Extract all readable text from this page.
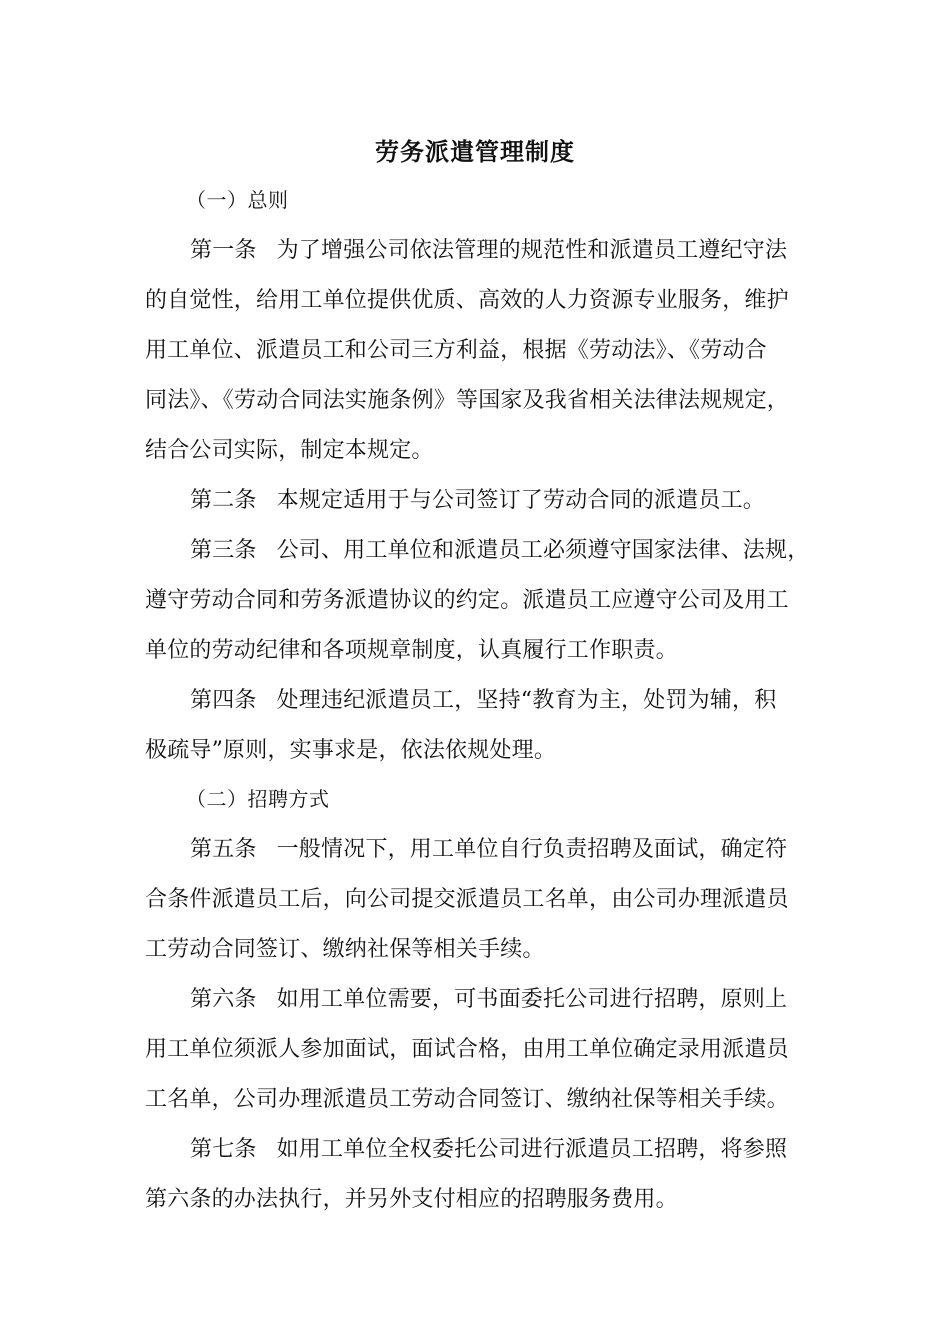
劳务派遣管理制度
（一）总则
第一条 为了增强公司依法管理的规范性和派遣员工遵纪守法
的自觉性，给用工单位提供优质、高效的人力资源专业服务，维护
用工单位、派遣员工和公司三方利益，根据《劳动法》、《劳动合
同法》、《劳动合同法实施条例》等国家及我省相关法律法规规定，
结合公司实际，制定本规定。
第二条 本规定适用于与公司签订了劳动合同的派遣员工。
第三条 公司、用工单位和派遣员工必须遵守国家法律、法规，
遵守劳动合同和劳务派遣协议的约定。派遣员工应遵守公司及用工
单位的劳动纪律和各项规章制度，认真履行工作职责。
第四条 处理违纪派遣员工，坚持“教育为主，处罚为辅，积
极疏导”原则，实事求是，依法依规处理。
（二）招聘方式
第五条 一般情况下，用工单位自行负责招聘及面试，确定符
合条件派遣员工后，向公司提交派遣员工名单，由公司办理派遣员
工劳动合同签订、缴纳社保等相关手续。
第六条 如用工单位需要，可书面委托公司进行招聘，原则上
用工单位须派人参加面试，面试合格，由用工单位确定录用派遣员
工名单，公司办理派遣员工劳动合同签订、缴纳社保等相关手续。
第七条 如用工单位全权委托公司进行派遣员工招聘，将参照
第六条的办法执行，并另外支付相应的招聘服务费用。
